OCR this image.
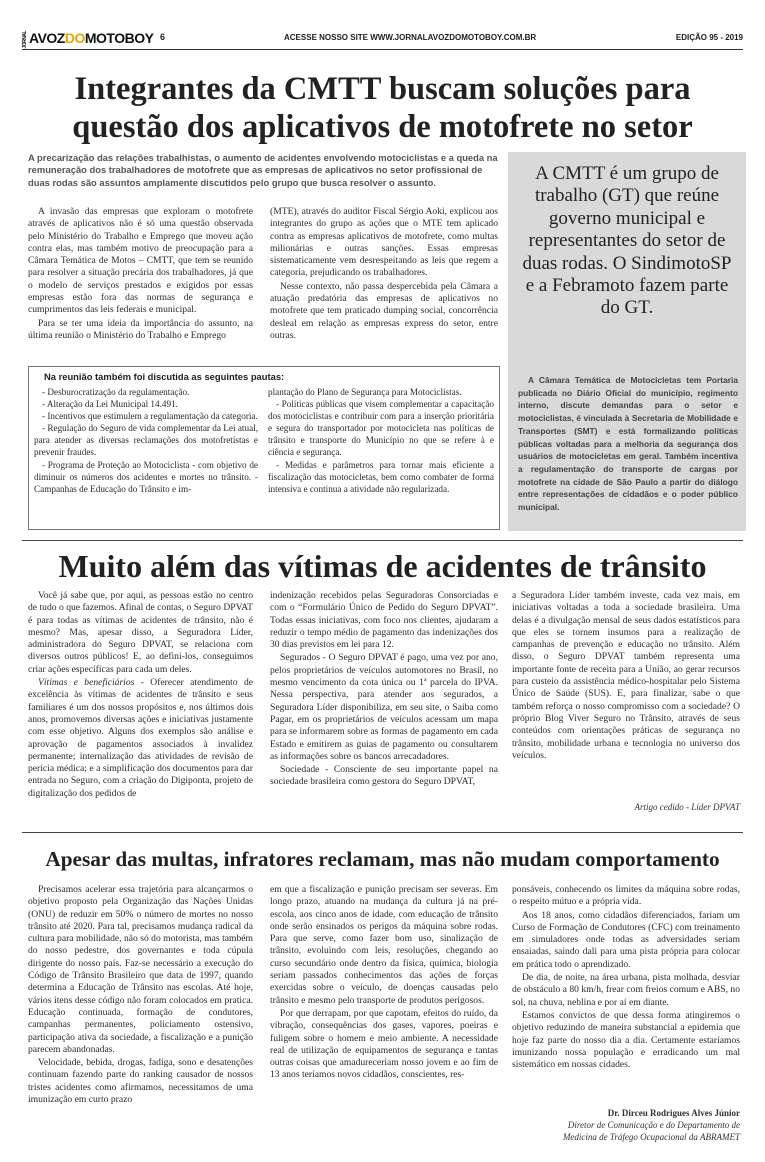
JORNALAVOZDOMOTOBOY 6	ACESSE NOSSO SITE WWW.JORNALAVOZDOMOTOBOY.COM.BR	EDIÇÃO 95 - 2019
Integrantes da CMTT buscam soluções para questão dos aplicativos de motofrete no setor
A precarização das relações trabalhistas, o aumento de acidentes envolvendo motociclistas e a queda na remuneração dos trabalhadores de motofrete que as empresas de aplicativos no setor profissional de duas rodas são assuntos amplamente discutidos pelo grupo que busca resolver o assunto.

A invasão das empresas que exploram o motofrete através de aplicativos não é só uma questão observada pelo Ministério do Trabalho e Emprego que moveu ação contra elas, mas também motivo de preocupação para a Câmara Temática de Motos – CMTT, que tem se reunido para resolver a situação precária dos trabalhadores, já que o modelo de serviços prestados e exigidos por essas empresas estão fora das normas de segurança e cumprimentos das leis federais e municipal.

Para se ter uma ideia da importância do assunto, na última reunião o Ministério do Trabalho e Emprego

(MTE), através do auditor Fiscal Sérgio Aoki, explicou aos integrantes do grupo as ações que o MTE tem aplicado contra as empresas aplicativos de motofrete, como multas milionárias e outras sanções. Essas empresas sistematicamente vem desrespeitando as leis que regem a categoria, prejudicando os trabalhadores.

Nesse contexto, não passa despercebida pela Câmara a atuação predatória das empresas de aplicativos no motofrete que tem praticado dumping social, concorrência desleal em relação as empresas express do setor, entre outras.

Na reunião também foi discutida as seguintes pautas:

- Desburocratização da regulamentação.

- Alteração da Lei Municipal 14.491.

- Incentivos que estimulem a regulamentação da categoria.

- Regulação do Seguro de vida complementar da Lei atual, para atender as diversas reclamações dos motofretistas e prevenir fraudes.

- Programa de Proteção ao Motociclista - com objetivo de diminuir os números dos acidentes e mortes no trânsito. - Campanhas de Educação do Trânsito e im-

plantação do Plano de Segurança para Motociclistas.

- Políticas públicas que visem complementar a capacitação dos motociclistas e contribuir com para a inserção prioritária e segura do transportador por motocicleta nas políticas de trânsito e transporte do Município no que se refere à e ciência e segurança.

- Medidas e parâmetros para tornar mais eficiente a fiscalização das motocicletas, bem como combater de forma intensiva e continua a atividade não regularizada.

A CMTT é um grupo de trabalho (GT) que reúne governo municipal e representantes do setor de duas rodas. O SindimotoSP e a Febramoto fazem parte do GT.

A Câmara Temática de Motocicletas tem Portaria publicada no Diário Oficial do município, regimento interno, discute demandas para o setor e motociclistas, é vinculada à Secretaria de Mobilidade e Transportes (SMT) e está formalizando políticas públicas voltadas para a melhoria da segurança dos usuários de motocicletas em geral. Também incentiva a regulamentação do transporte de cargas por motofrete na cidade de São Paulo a partir do diálogo entre representações de cidadãos e o poder público municipal.

Muito além das vítimas de acidentes de trânsito

Você já sabe que, por aqui, as pessoas estão no centro de tudo o que fazemos. Afinal de contas, o Seguro DPVAT é para todas as vítimas de acidentes de trânsito, não é mesmo? Mas, apesar disso, a Seguradora Líder, administradora do Seguro DPVAT, se relaciona com diversos outros públicos! E, ao defini-los, conseguimos criar ações específicas para cada um deles.

Vítimas e beneficiários - Oferecer atendimento de excelência às vítimas de acidentes de trânsito e seus familiares é um dos nossos propósitos e, nos últimos dois anos, promovemos diversas ações e iniciativas justamente com esse objetivo. Alguns dos exemplos são análise e aprovação de pagamentos associados à invalidez permanente; internalização das atividades de revisão de perícia médica; e a simplificação dos documentos para dar entrada no Seguro, com a criação do Digiponta, projeto de digitalização dos pedidos de

indenização recebidos pelas Seguradoras Consorciadas e com o “Formulário Único de Pedido do Seguro DPVAT”. Todas essas iniciativas, com foco nos clientes, ajudaram a reduzir o tempo médio de pagamento das indenizações dos 30 dias previstos em lei para 12.

Segurados - O Seguro DPVAT é pago, uma vez por ano, pelos proprietários de veículos automotores no Brasil, no mesmo vencimento da cota única ou 1ª parcela do IPVA. Nessa perspectiva, para atender aos segurados, a Seguradora Líder disponibiliza, em seu site, o Saiba como Pagar, em os proprietários de veículos acessam um mapa para se informarem sobre as formas de pagamento em cada Estado e emitirem as guias de pagamento ou consultarem as informações sobre os bancos arrecadadores.

Sociedade - Consciente de seu importante papel na sociedade brasileira como gestora do Seguro DPVAT,

a Seguradora Líder também investe, cada vez mais, em iniciativas voltadas a toda a sociedade brasileira. Uma delas é a divulgação mensal de seus dados estatísticos para que eles se tornem insumos para a realização de campanhas de prevenção e educação no trânsito. Além disso, o Seguro DPVAT também representa uma importante fonte de receita para a União, ao gerar recursos para custeio da assistência médico-hospitalar pelo Sistema Único de Saúde (SUS). E, para finalizar, sabe o que também reforça o nosso compromisso com a sociedade? O próprio Blog Viver Seguro no Trânsito, através de seus conteúdos com orientações práticas de segurança no trânsito, mobilidade urbana e tecnologia no universo dos veículos.

Artigo cedido - Líder DPVAT
Apesar das multas, infratores reclamam, mas não mudam comportamento

Precisamos acelerar essa trajetória para alcançarmos o objetivo proposto pela Organização das Nações Unidas (ONU) de reduzir em 50% o número de mortes no nosso trânsito até 2020. Para tal, precisamos mudança radical da cultura para mobilidade, não só do motorista, mas também do nosso pedestre, dos governantes e toda cúpula dirigente do nosso país. Faz-se necessário a execução do Código de Trânsito Brasileiro que data de 1997, quando determina a Educação de Trânsito nas escolas. Até hoje, vários itens desse código não foram colocados em pratica. Educação continuada, formação de condutores, campanhas permanentes, policiamento ostensivo, participação ativa da sociedade, a fiscalização e a punição parecem abandonadas.

Velocidade, bebida, drogas, fadiga, sono e desatenções continuam fazendo parte do ranking causador de nossos tristes acidentes como afirmamos, necessitamos de uma imunização em curto prazo

em que a fiscalização e punição precisam ser severas. Em longo prazo, atuando na mudança da cultura já na pré-escola, aos cinco anos de idade, com educação de trânsito onde serão ensinados os perigos da máquina sobre rodas. Para que serve, como fazer bom uso, sinalização de trânsito, evoluindo com leis, resoluções, chegando ao curso secundário onde dentro da física, química, biologia seriam passados conhecimentos das ações de forças exercidas sobre o veículo, de doenças causadas pelo trânsito e mesmo pelo transporte de produtos perigosos.

Por que derrapam, por que capotam, efeitos do ruído, da vibração, consequências dos gases, vapores, poeiras e fuligem sobre o homem e meio ambiente. A necessidade real de utilização de equipamentos de segurança e tantas outras coisas que amadureceriam nosso jovem e ao fim de 13 anos teríamos novos cidadãos, conscientes, res-

ponsáveis, conhecendo os limites da máquina sobre rodas, o respeito mútuo e a própria vida.

Aos 18 anos, como cidadãos diferenciados, fariam um Curso de Formação de Condutores (CFC) com treinamento em simuladores onde todas as adversidades seriam ensaiadas, saindo dali para uma pista própria para colocar em prática todo o aprendizado.

De dia, de noite, na área urbana, pista molhada, desviar de obstáculo a 80 km/h, frear com freios comum e ABS, no sol, na chuva, neblina e por aí em diante.

Estamos convictos de que dessa forma atingiremos o objetivo reduzindo de maneira substancial a epidemia que hoje faz parte do nosso dia a dia. Certamente estaríamos imunizando nossa população e erradicando um mal sistemático em nossas cidades.

Dr. Dirceu Rodrigues Alves Júnior
Diretor de Comunicação e do Departamento de
Medicina de Tráfego Ocupacional da ABRAMET
